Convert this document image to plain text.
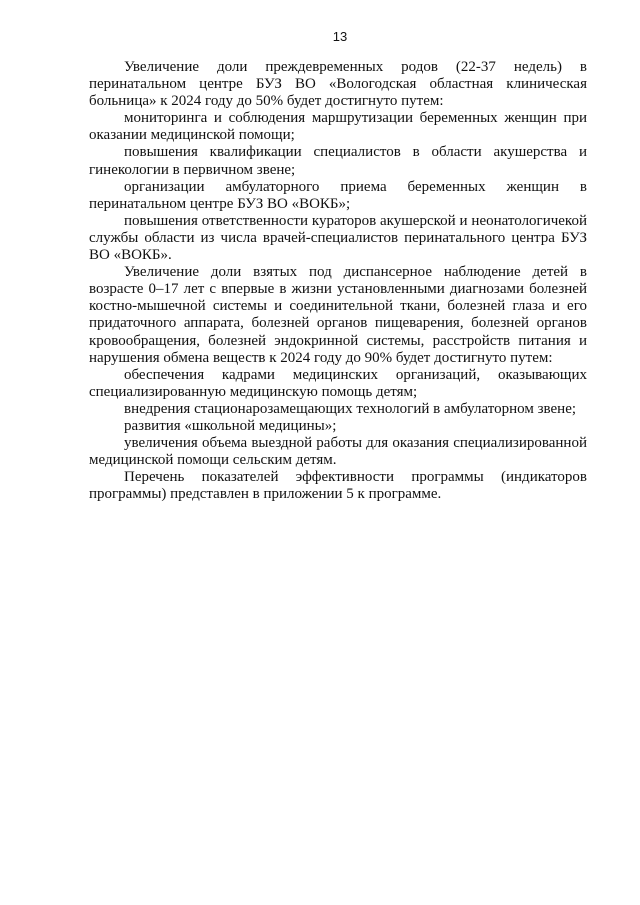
13

Увеличение доли преждевременных родов (22-37 недель) в перинатальном центре БУЗ ВО «Вологодская областная клиническая больница» к 2024 году до 50% будет достигнуто путем:

мониторинга и соблюдения маршрутизации беременных женщин при оказании медицинской помощи;

повышения квалификации специалистов в области акушерства и гинекологии в первичном звене;

организации амбулаторного приема беременных женщин в перинатальном центре БУЗ ВО «ВОКБ»;

повышения ответственности кураторов акушерской и неонатологичекой службы области из числа врачей-специалистов перинатального центра БУЗ ВО «ВОКБ».

Увеличение доли взятых под диспансерное наблюдение детей в возрасте 0–17 лет с впервые в жизни установленными диагнозами болезней костно-мышечной системы и соединительной ткани, болезней глаза и его придаточного аппарата, болезней органов пищеварения, болезней органов кровообращения, болезней эндокринной системы, расстройств питания и нарушения обмена веществ к 2024 году до 90% будет достигнуто путем:

обеспечения кадрами медицинских организаций, оказывающих специализированную медицинскую помощь детям;

внедрения стационарозамещающих технологий в амбулаторном звене;

развития «школьной медицины»;

увеличения объема выездной работы для оказания специализированной медицинской помощи сельским детям.

Перечень показателей эффективности программы (индикаторов программы) представлен в приложении 5 к программе.
